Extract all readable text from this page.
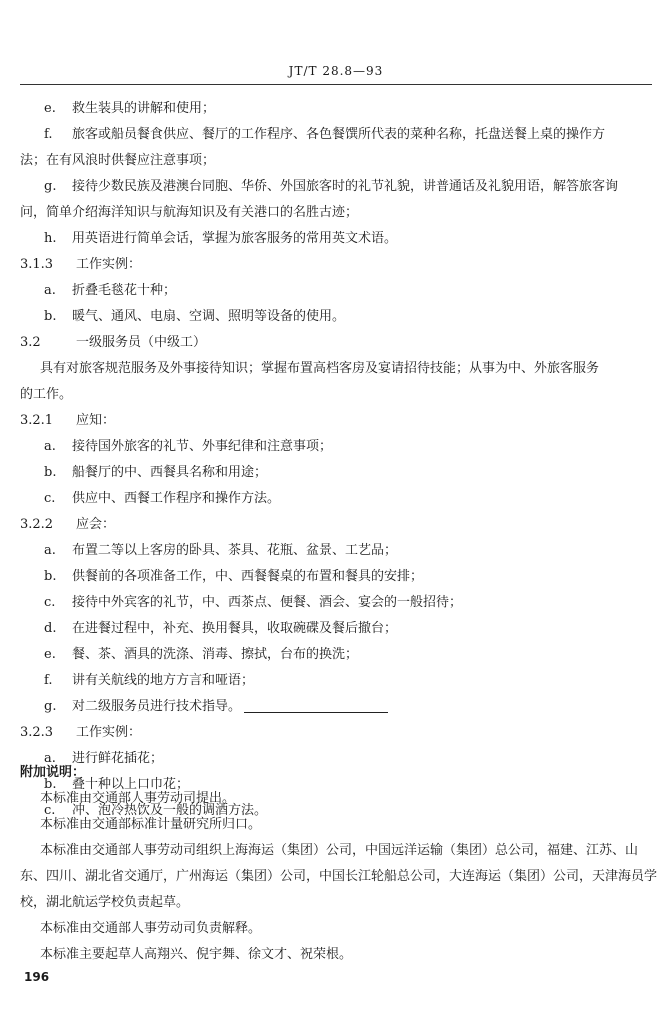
JT/T 28.8—93

e. 救生装具的讲解和使用；

f. 旅客或船员餐食供应、餐厅的工作程序、各色餐馔所代表的菜种名称，托盘送餐上桌的操作方

法；在有风浪时供餐应注意事项；

g. 接待少数民族及港澳台同胞、华侨、外国旅客时的礼节礼貌，讲普通话及礼貌用语，解答旅客询

问，简单介绍海洋知识与航海知识及有关港口的名胜古迹；

h. 用英语进行简单会话，掌握为旅客服务的常用英文术语。

3.1.3 工作实例：

a. 折叠毛毯花十种；

b. 暖气、通风、电扇、空调、照明等设备的使用。

3.2	一级服务员（中级工）

具有对旅客规范服务及外事接待知识；掌握布置高档客房及宴请招待技能；从事为中、外旅客服务

的工作。

3.2.1 应知：

a. 接待国外旅客的礼节、外事纪律和注意事项；

b. 船餐厅的中、西餐具名称和用途；

c. 供应中、西餐工作程序和操作方法。

3.2.2 应会：

a. 布置二等以上客房的卧具、茶具、花瓶、盆景、工艺品；

b. 供餐前的各项准备工作，中、西餐餐桌的布置和餐具的安排；

c. 接待中外宾客的礼节，中、西茶点、便餐、酒会、宴会的一般招待；

d. 在进餐过程中，补充、换用餐具，收取碗碟及餐后撤台；

e. 餐、茶、酒具的洗涤、消毒、擦拭，台布的换洗；

f. 讲有关航线的地方方言和哑语；

g. 对二级服务员进行技术指导。

3.2.3 工作实例：

a. 进行鲜花插花；

b. 叠十种以上口巾花；

c. 冲、泡冷热饮及一般的调酒方法。

附加说明：

本标准由交通部人事劳动司提出。

本标准由交通部标准计量研究所归口。

本标准由交通部人事劳动司组织上海海运（集团）公司，中国远洋运输（集团）总公司，福建、江苏、山

东、四川、湖北省交通厅，广州海运（集团）公司，中国长江轮船总公司，大连海运（集团）公司，天津海员学

校，湖北航运学校负责起草。

本标准由交通部人事劳动司负责解释。

本标准主要起草人高翔兴、倪宇舞、徐文才、祝荣根。

196
